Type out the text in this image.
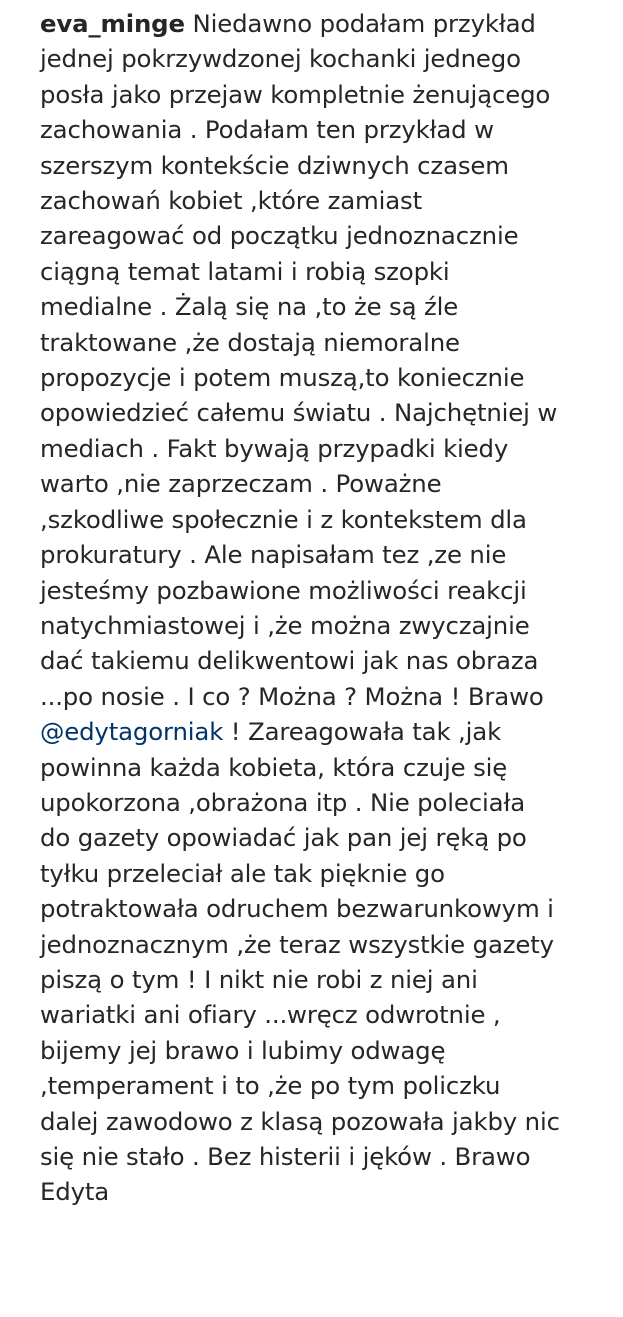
eva_minge Niedawno podałam przykład
jednej pokrzywdzonej kochanki jednego
posła jako przejaw kompletnie żenującego
zachowania . Podałam ten przykład w
szerszym kontekście dziwnych czasem
zachowań kobiet ,które zamiast
zareagować od początku jednoznacznie
ciągną temat latami i robią szopki
medialne . Żalą się na ,to że są źle
traktowane ,że dostają niemoralne
propozycje i potem muszą,to koniecznie
opowiedzieć całemu światu . Najchętniej w
mediach . Fakt bywają przypadki kiedy
warto ,nie zaprzeczam . Poważne
,szkodliwe społecznie i z kontekstem dla
prokuratury . Ale napisałam tez ,ze nie
jesteśmy pozbawione możliwości reakcji
natychmiastowej i ,że można zwyczajnie
dać takiemu delikwentowi jak nas obraza
...po nosie . I co ? Można ? Można ! Brawo
@edytagorniak ! Zareagowała tak ,jak
powinna każda kobieta, która czuje się
upokorzona ,obrażona itp . Nie poleciała
do gazety opowiadać jak pan jej ręką po
tyłku przeleciał ale tak pięknie go
potraktowała odruchem bezwarunkowym i
jednoznacznym ,że teraz wszystkie gazety
piszą o tym ! I nikt nie robi z niej ani
wariatki ani ofiary ...wręcz odwrotnie ,
bijemy jej brawo i lubimy odwagę
,temperament i to ,że po tym policzku
dalej zawodowo z klasą pozowała jakby nic
się nie stało . Bez histerii i jęków . Brawo
Edyta
